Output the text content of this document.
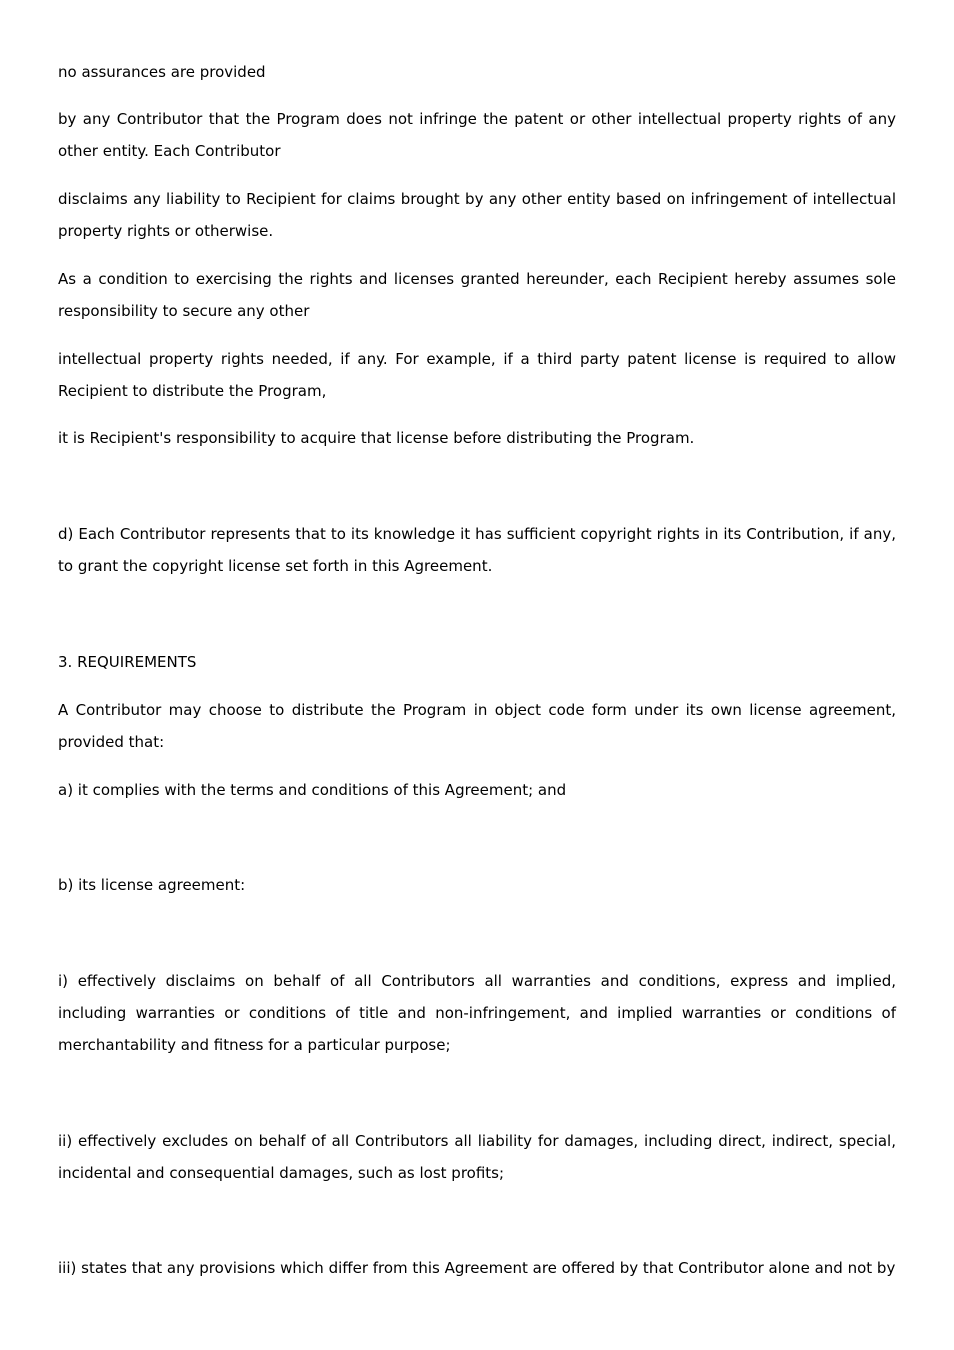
no assurances are provided

by any Contributor that the Program does not infringe the patent or other intellectual property rights of any other entity. Each Contributor

disclaims any liability to Recipient for claims brought by any other entity based on infringement of intellectual property rights or otherwise.

As a condition to exercising the rights and licenses granted hereunder, each Recipient hereby assumes sole responsibility to secure any other

intellectual property rights needed, if any. For example, if a third party patent license is required to allow Recipient to distribute the Program,

it is Recipient's responsibility to acquire that license before distributing the Program.

d) Each Contributor represents that to its knowledge it has sufficient copyright rights in its Contribution, if any, to grant the copyright license set forth in this Agreement.

3. REQUIREMENTS

A Contributor may choose to distribute the Program in object code form under its own license agreement, provided that:

a) it complies with the terms and conditions of this Agreement; and

b) its license agreement:

i) effectively disclaims on behalf of all Contributors all warranties and conditions, express and implied, including warranties or conditions of title and non-infringement, and implied warranties or conditions of merchantability and fitness for a particular purpose;

ii) effectively excludes on behalf of all Contributors all liability for damages, including direct, indirect, special, incidental and consequential damages, such as lost profits;

iii) states that any provisions which differ from this Agreement are offered by that Contributor alone and not by
